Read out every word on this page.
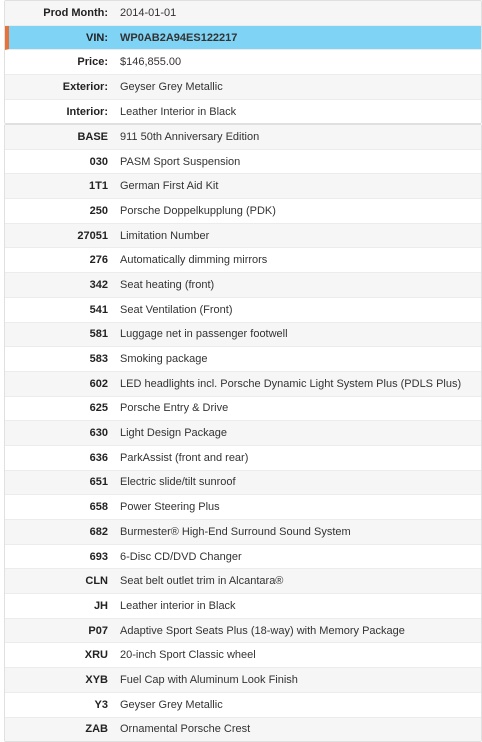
Prod Month:	2014-01-01
VIN:	WP0AB2A94ES122217
Price:	$146,855.00
Exterior:	Geyser Grey Metallic
Interior:	Leather Interior in Black
BASE	911 50th Anniversary Edition
030	PASM Sport Suspension
1T1	German First Aid Kit
250	Porsche Doppelkupplung (PDK)
27051	Limitation Number
276	Automatically dimming mirrors
342	Seat heating (front)
541	Seat Ventilation (Front)
581	Luggage net in passenger footwell
583	Smoking package
602	LED headlights incl. Porsche Dynamic Light System Plus (PDLS Plus)
625	Porsche Entry & Drive
630	Light Design Package
636	ParkAssist (front and rear)
651	Electric slide/tilt sunroof
658	Power Steering Plus
682	Burmester® High-End Surround Sound System
693	6-Disc CD/DVD Changer
CLN	Seat belt outlet trim in Alcantara®
JH	Leather interior in Black
P07	Adaptive Sport Seats Plus (18-way) with Memory Package
XRU	20-inch Sport Classic wheel
XYB	Fuel Cap with Aluminum Look Finish
Y3	Geyser Grey Metallic
ZAB	Ornamental Porsche Crest
